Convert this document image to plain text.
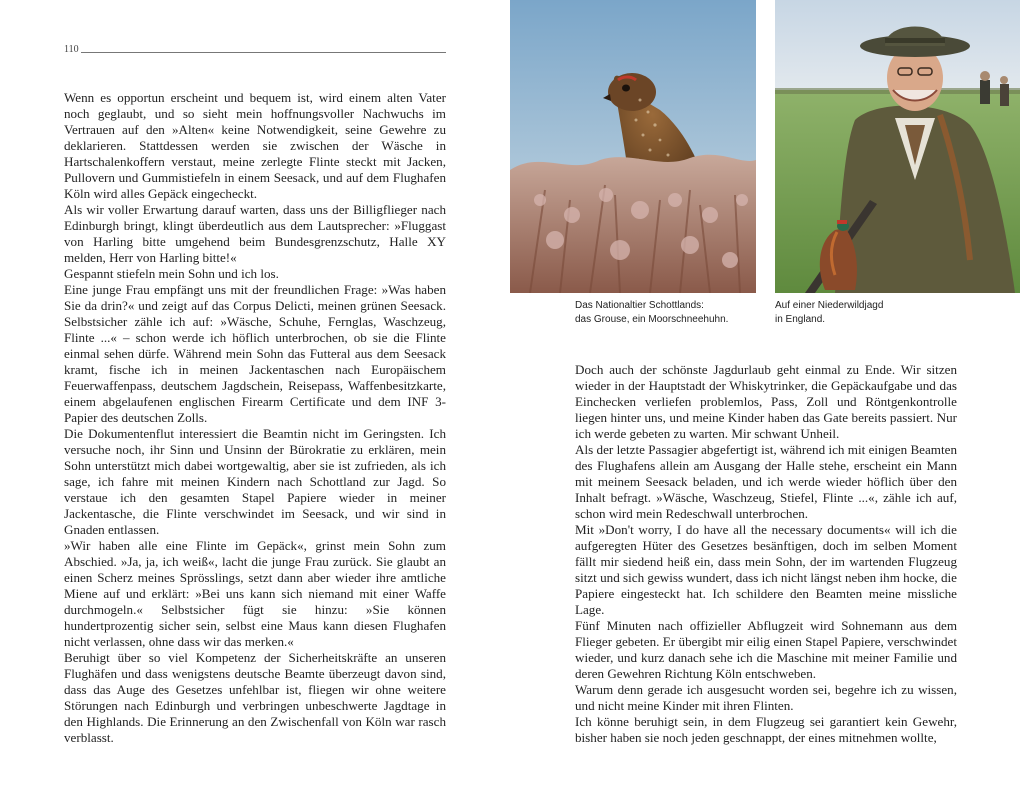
110

Wenn es opportun erscheint und bequem ist, wird einem alten Vater noch geglaubt, und so sieht mein hoffnungsvoller Nachwuchs im Vertrauen auf den »Alten« keine Notwendigkeit, seine Gewehre zu deklarieren. Stattdessen werden sie zwischen der Wäsche in Hartschalenkoffern verstaut, meine zerlegte Flinte steckt mit Jacken, Pullovern und Gummistiefeln in einem Seesack, und auf dem Flughafen Köln wird alles Gepäck eingecheckt.

Als wir voller Erwartung darauf warten, dass uns der Billigflieger nach Edinburgh bringt, klingt überdeutlich aus dem Lautsprecher: »Fluggast von Harling bitte umgehend beim Bundesgrenzschutz, Halle XY melden, Herr von Harling bitte!«

Gespannt stiefeln mein Sohn und ich los.

Eine junge Frau empfängt uns mit der freundlichen Frage: »Was haben Sie da drin?« und zeigt auf das Corpus Delicti, meinen grünen Seesack. Selbstsicher zähle ich auf: »Wäsche, Schuhe, Fernglas, Waschzeug, Flinte ...« – schon werde ich höflich unterbrochen, ob sie die Flinte einmal sehen dürfe. Während mein Sohn das Futteral aus dem Seesack kramt, fische ich in meinen Jackentaschen nach Europäischem Feuerwaffenpass, deutschem Jagdschein, Reisepass, Waffenbesitzkarte, einem abgelaufenen englischen Firearm Certificate und dem INF 3-Papier des deutschen Zolls.

Die Dokumentenflut interessiert die Beamtin nicht im Geringsten. Ich versuche noch, ihr Sinn und Unsinn der Bürokratie zu erklären, mein Sohn unterstützt mich dabei wortgewaltig, aber sie ist zufrieden, als ich sage, ich fahre mit meinen Kindern nach Schottland zur Jagd. So verstaue ich den gesamten Stapel Papiere wieder in meiner Jackentasche, die Flinte verschwindet im Seesack, und wir sind in Gnaden entlassen.

»Wir haben alle eine Flinte im Gepäck«, grinst mein Sohn zum Abschied. »Ja, ja, ich weiß«, lacht die junge Frau zurück. Sie glaubt an einen Scherz meines Sprösslings, setzt dann aber wieder ihre amtliche Miene auf und erklärt: »Bei uns kann sich niemand mit einer Waffe durchmogeln.« Selbstsicher fügt sie hinzu: »Sie können hundertprozentig sicher sein, selbst eine Maus kann diesen Flughafen nicht verlassen, ohne dass wir das merken.«

Beruhigt über so viel Kompetenz der Sicherheitskräfte an unseren Flughäfen und dass wenigstens deutsche Beamte überzeugt davon sind, dass das Auge des Gesetzes unfehlbar ist, fliegen wir ohne weitere Störungen nach Edinburgh und verbringen unbeschwerte Jagdtage in den Highlands. Die Erinnerung an den Zwischenfall von Köln war rasch verblasst.

Das Nationaltier Schottlands:

das Grouse, ein Moorschneehuhn.

Auf einer Niederwildjagd

in England.

Doch auch der schönste Jagdurlaub geht einmal zu Ende. Wir sitzen wieder in der Hauptstadt der Whiskytrinker, die Gepäckaufgabe und das Einchecken verliefen problemlos, Pass, Zoll und Röntgenkontrolle liegen hinter uns, und meine Kinder haben das Gate bereits passiert. Nur ich werde gebeten zu warten. Mir schwant Unheil.

Als der letzte Passagier abgefertigt ist, während ich mit einigen Beamten des Flughafens allein am Ausgang der Halle stehe, erscheint ein Mann mit meinem Seesack beladen, und ich werde wieder höflich über den Inhalt befragt. »Wäsche, Waschzeug, Stiefel, Flinte ...«, zähle ich auf, schon wird mein Redeschwall unterbrochen.

Mit »Don't worry, I do have all the necessary documents« will ich die aufgeregten Hüter des Gesetzes besänftigen, doch im selben Moment fällt mir siedend heiß ein, dass mein Sohn, der im wartenden Flugzeug sitzt und sich gewiss wundert, dass ich nicht längst neben ihm hocke, die Papiere eingesteckt hat. Ich schildere den Beamten meine missliche Lage.

Fünf Minuten nach offizieller Abflugzeit wird Sohnemann aus dem Flieger gebeten. Er übergibt mir eilig einen Stapel Papiere, verschwindet wieder, und kurz danach sehe ich die Maschine mit meiner Familie und deren Gewehren Richtung Köln entschweben.

Warum denn gerade ich ausgesucht worden sei, begehre ich zu wissen, und nicht meine Kinder mit ihren Flinten.

Ich könne beruhigt sein, in dem Flugzeug sei garantiert kein Gewehr, bisher haben sie noch jeden geschnappt, der eines mitnehmen wollte,
